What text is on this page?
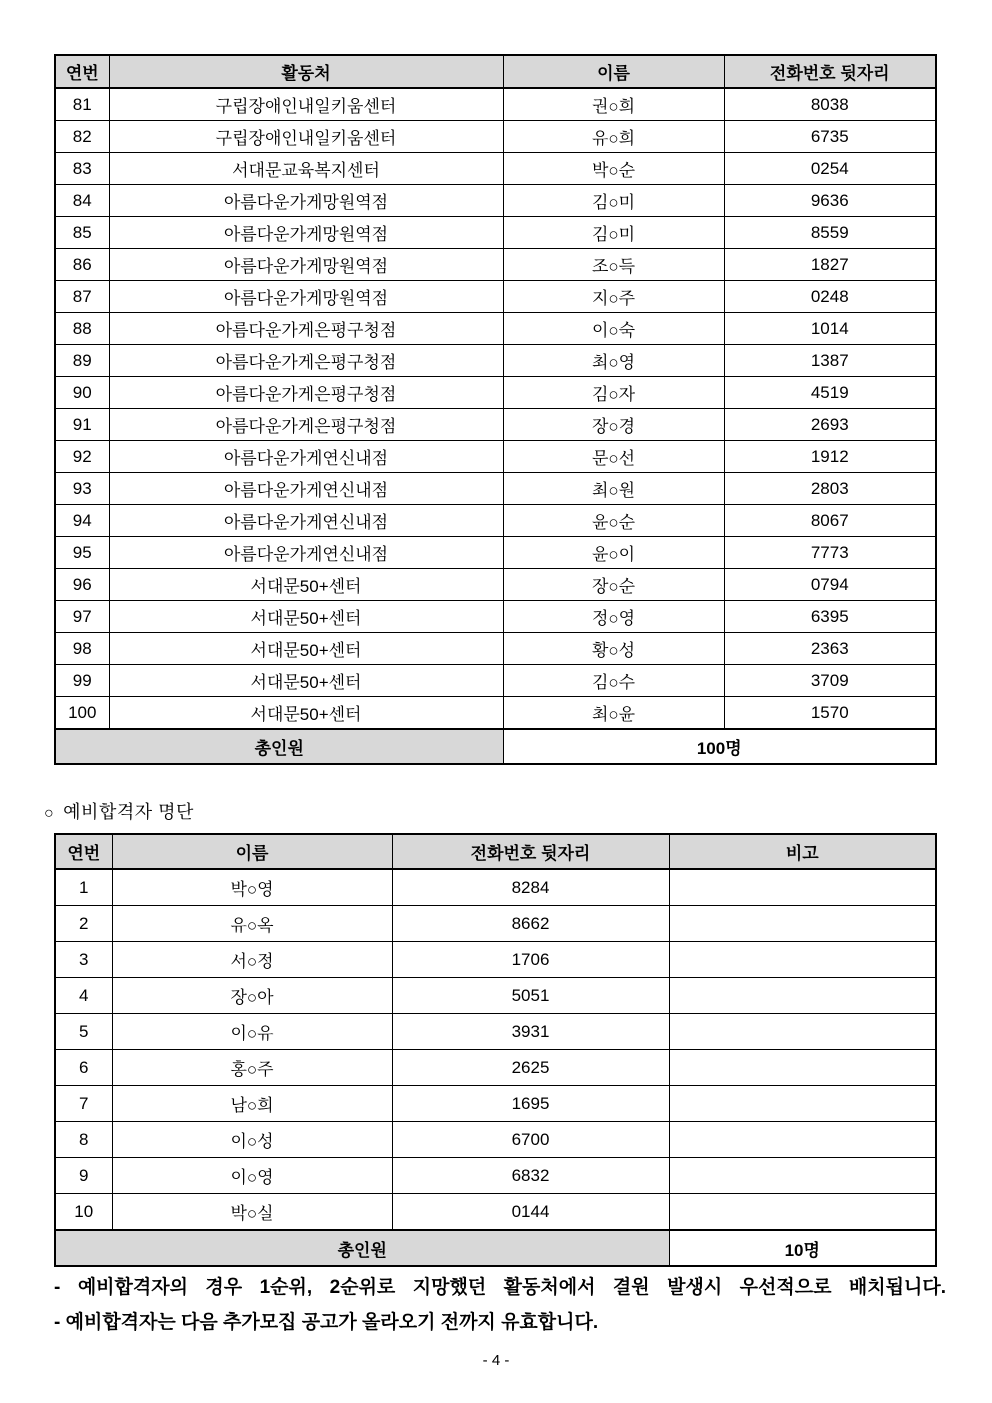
연번	활동처	이름	전화번호 뒷자리
81	구립장애인내일키움센터	권○희	8038
82	구립장애인내일키움센터	유○희	6735
83	서대문교육복지센터	박○순	0254
84	아름다운가게망원역점	김○미	9636
85	아름다운가게망원역점	김○미	8559
86	아름다운가게망원역점	조○득	1827
87	아름다운가게망원역점	지○주	0248
88	아름다운가게은평구청점	이○숙	1014
89	아름다운가게은평구청점	최○영	1387
90	아름다운가게은평구청점	김○자	4519
91	아름다운가게은평구청점	장○경	2693
92	아름다운가게연신내점	문○선	1912
93	아름다운가게연신내점	최○원	2803
94	아름다운가게연신내점	윤○순	8067
95	아름다운가게연신내점	윤○이	7773
96	서대문50+센터	장○순	0794
97	서대문50+센터	정○영	6395
98	서대문50+센터	황○성	2363
99	서대문50+센터	김○수	3709
100	서대문50+센터	최○윤	1570
총인원		100명	
○ 예비합격자 명단
연번	이름	전화번호 뒷자리	비고
1	박○영	8284	
2	유○옥	8662	
3	서○정	1706	
4	장○아	5051	
5	이○유	3931	
6	홍○주	2625	
7	남○희	1695	
8	이○성	6700	
9	이○영	6832	
10	박○실	0144	
총인원			10명
- 예비합격자의 경우 1순위, 2순위로 지망했던 활동처에서 결원 발생시 우선적으로 배치됩니다.
- 예비합격자는 다음 추가모집 공고가 올라오기 전까지 유효합니다.
- 4 -
